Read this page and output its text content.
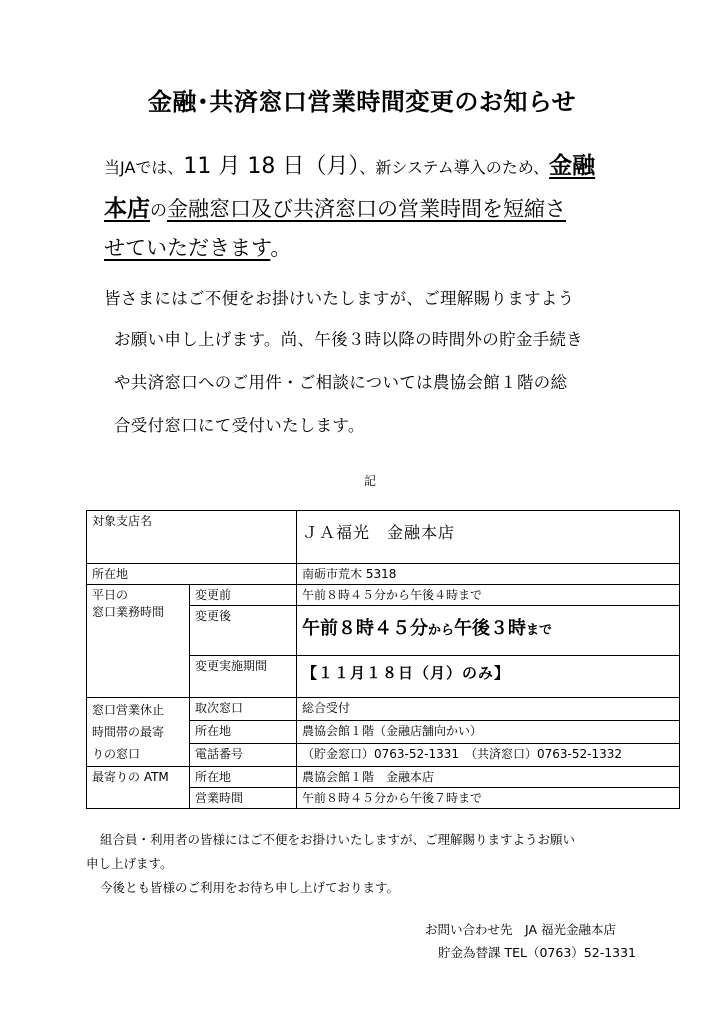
金融･共済窓口営業時間変更のお知らせ
当JAでは、11 月 18 日（月）、新システム導入のため、金融
本店の金融窓口及び共済窓口の営業時間を短縮さ
せていただきます。
皆さまにはご不便をお掛けいたしますが、ご理解賜りますよう
お願い申し上げます。尚、午後３時以降の時間外の貯金手続き
や共済窓口へのご用件・ご相談については農協会館１階の総
合受付窓口にて受付いたします。
記
対象支店名		ＪＡ福光　金融本店
所在地		南砺市荒木 5318

平日の
窓口業務時間	変更前	午前８時４５分から午後４時まで
	変更後	午前８時４５分から午後３時まで
	変更実施期間	【１１月１８日（月）のみ】

窓口営業休止
時間帯の最寄
りの窓口	取次窓口	総合受付
	所在地	農協会館１階（金融店舗向かい）
	電話番号	（貯金窓口）0763-52-1331　（共済窓口）0763-52-1332
最寄りの ATM	所在地	農協会館１階　金融本店
	営業時間	午前８時４５分から午後７時まで
組合員・利用者の皆様にはご不便をお掛けいたしますが、ご理解賜りますようお願い
申し上げます。
今後とも皆様のご利用をお待ち申し上げております。
お問い合わせ先　JA 福光金融本店
貯金為替課 TEL（0763）52-1331
